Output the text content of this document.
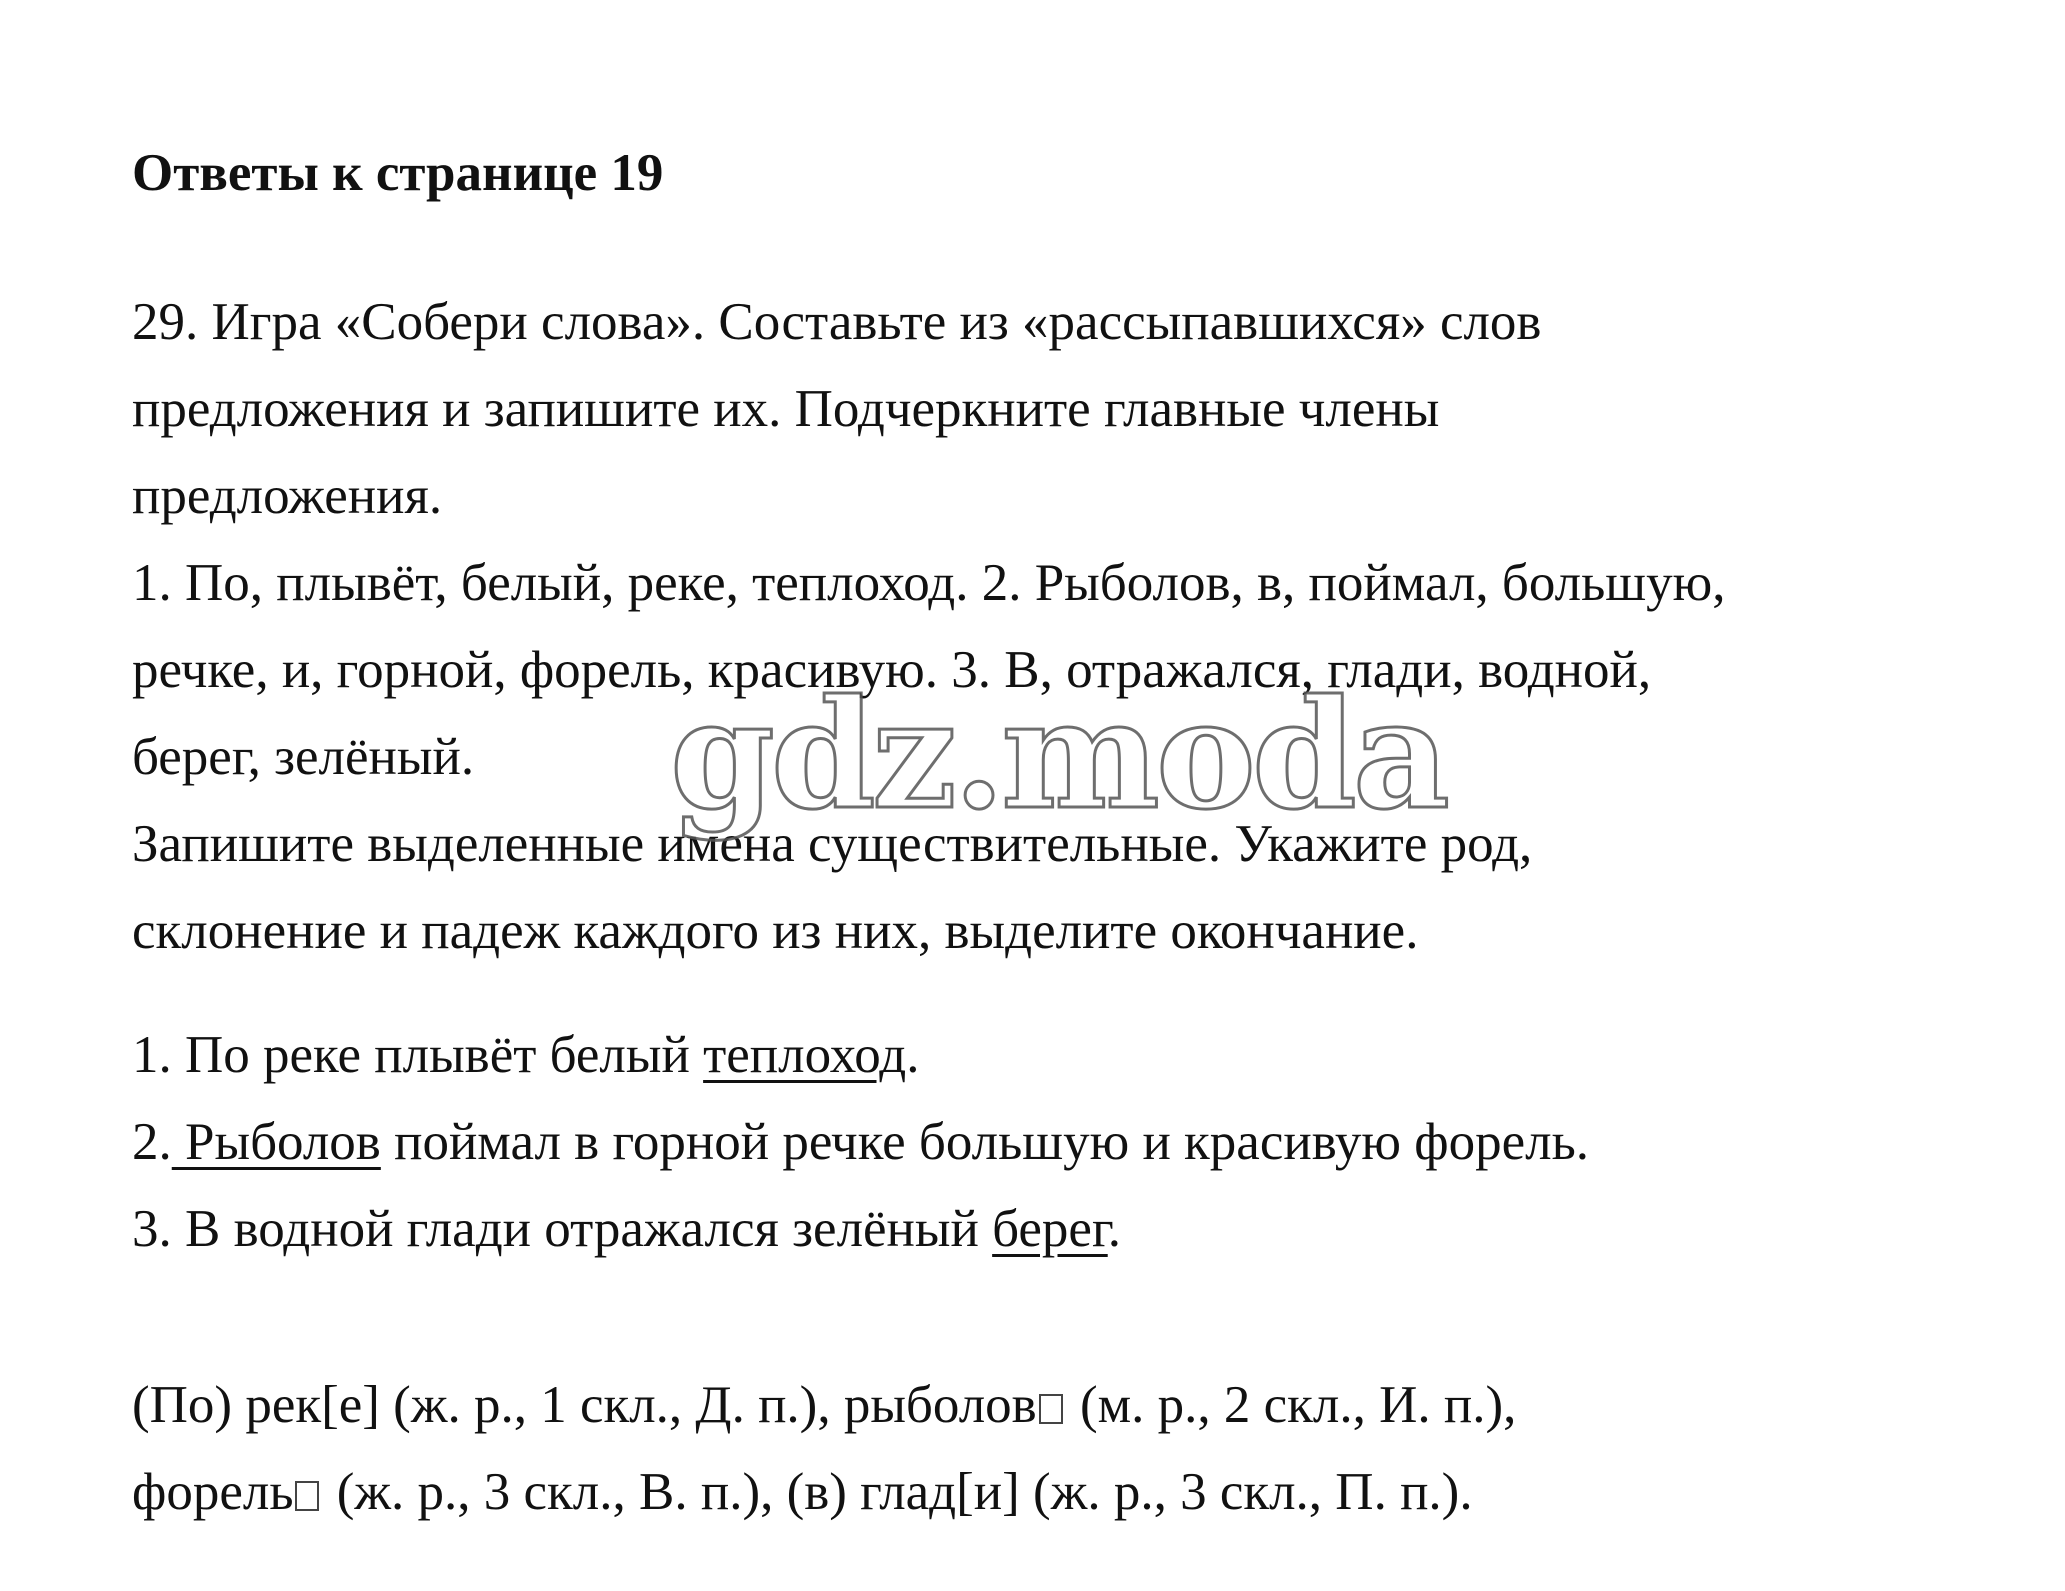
Ответы к странице 19
29. Игра «Собери слова». Составьте из «рассыпавшихся» слов
предложения и запишите их. Подчеркните главные члены
предложения.
1. По, плывёт, белый, реке, теплоход. 2. Рыболов, в, поймал, большую,
речке, и, горной, форель, красивую. 3. В, отражался, глади, водной,
берег, зелёный.
Запишите выделенные имена существительные. Укажите род,
склонение и падеж каждого из них, выделите окончание.
1. По реке плывёт белый теплоход.
2. Рыболов поймал в горной речке большую и красивую форель.
3. В водной глади отражался зелёный берег.
(По) рек[е] (ж. р., 1 скл., Д. п.), рыболов (м. р., 2 скл., И. п.),
форель (ж. р., 3 скл., В. п.), (в) глад[и] (ж. р., 3 скл., П. п.).
gdz.moda
